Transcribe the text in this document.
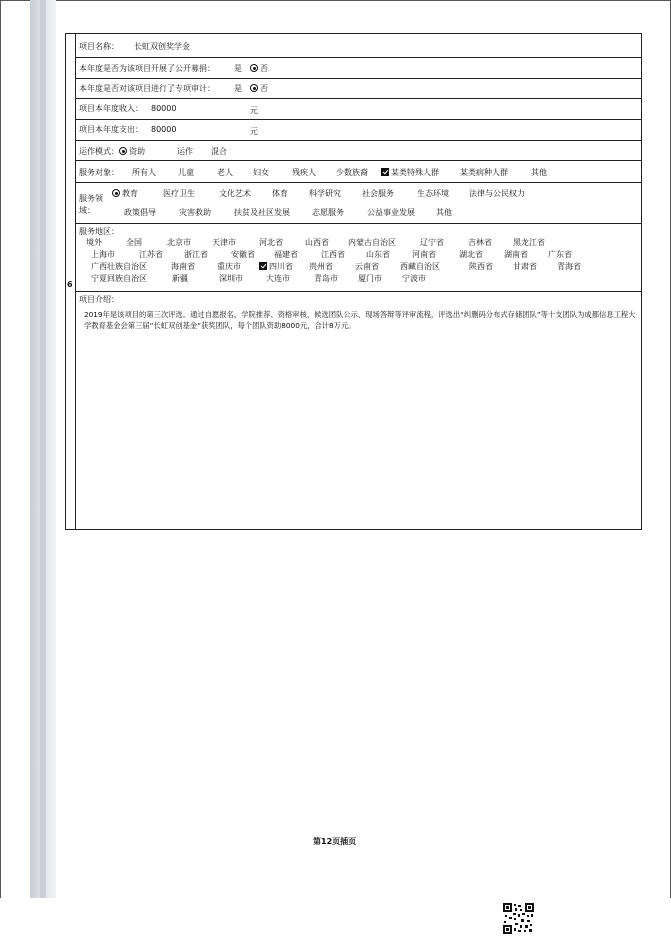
6
项目名称： 长虹双创奖学金
本年度是否为该项目开展了公开募捐： 是	否
本年度是否对该项目进行了专项审计： 是	否
项目本年度收入： 80000	元
项目本年度支出： 80000	元
运作模式：	资助	运作 混合
服务对象： 所有人	儿童	老人	妇女	残疾人	少数族裔	某类特殊人群	某类病种人群	其他
服务领
域：
教育	医疗卫生	文化艺术	体育	科学研究	社会服务	生态环境	法律与公民权力
政策倡导	灾害救助	扶贫及社区发展	志愿服务	公益事业发展	其他
服务地区：
境外	全国	北京市	天津市	河北省	山西省 内蒙古自治区	辽宁省	吉林省	黑龙江省
上海市	江苏省	浙江省	安徽省 福建省	江西省	山东省	河南省	湖北省	湖南省	广东省
广西壮族自治区	海南省	重庆市	四川省 贵州省	云南省	西藏自治区	陕西省	甘肃省	青海省
宁夏回族自治区	新疆	深圳市	大连市	青岛市	厦门市	宁波市
项目介绍：
2019年是该项目的第三次评选。通过自愿报名、学院推荐、资格审核、候选团队公示、现场答辩等评审流程，评选出“纠删码分布式存储团队”等十支团队为成都信息工程大学教育基金会第三届“长虹双创基金”获奖团队，每个团队资助8000元，合计8万元。
第12页插页
